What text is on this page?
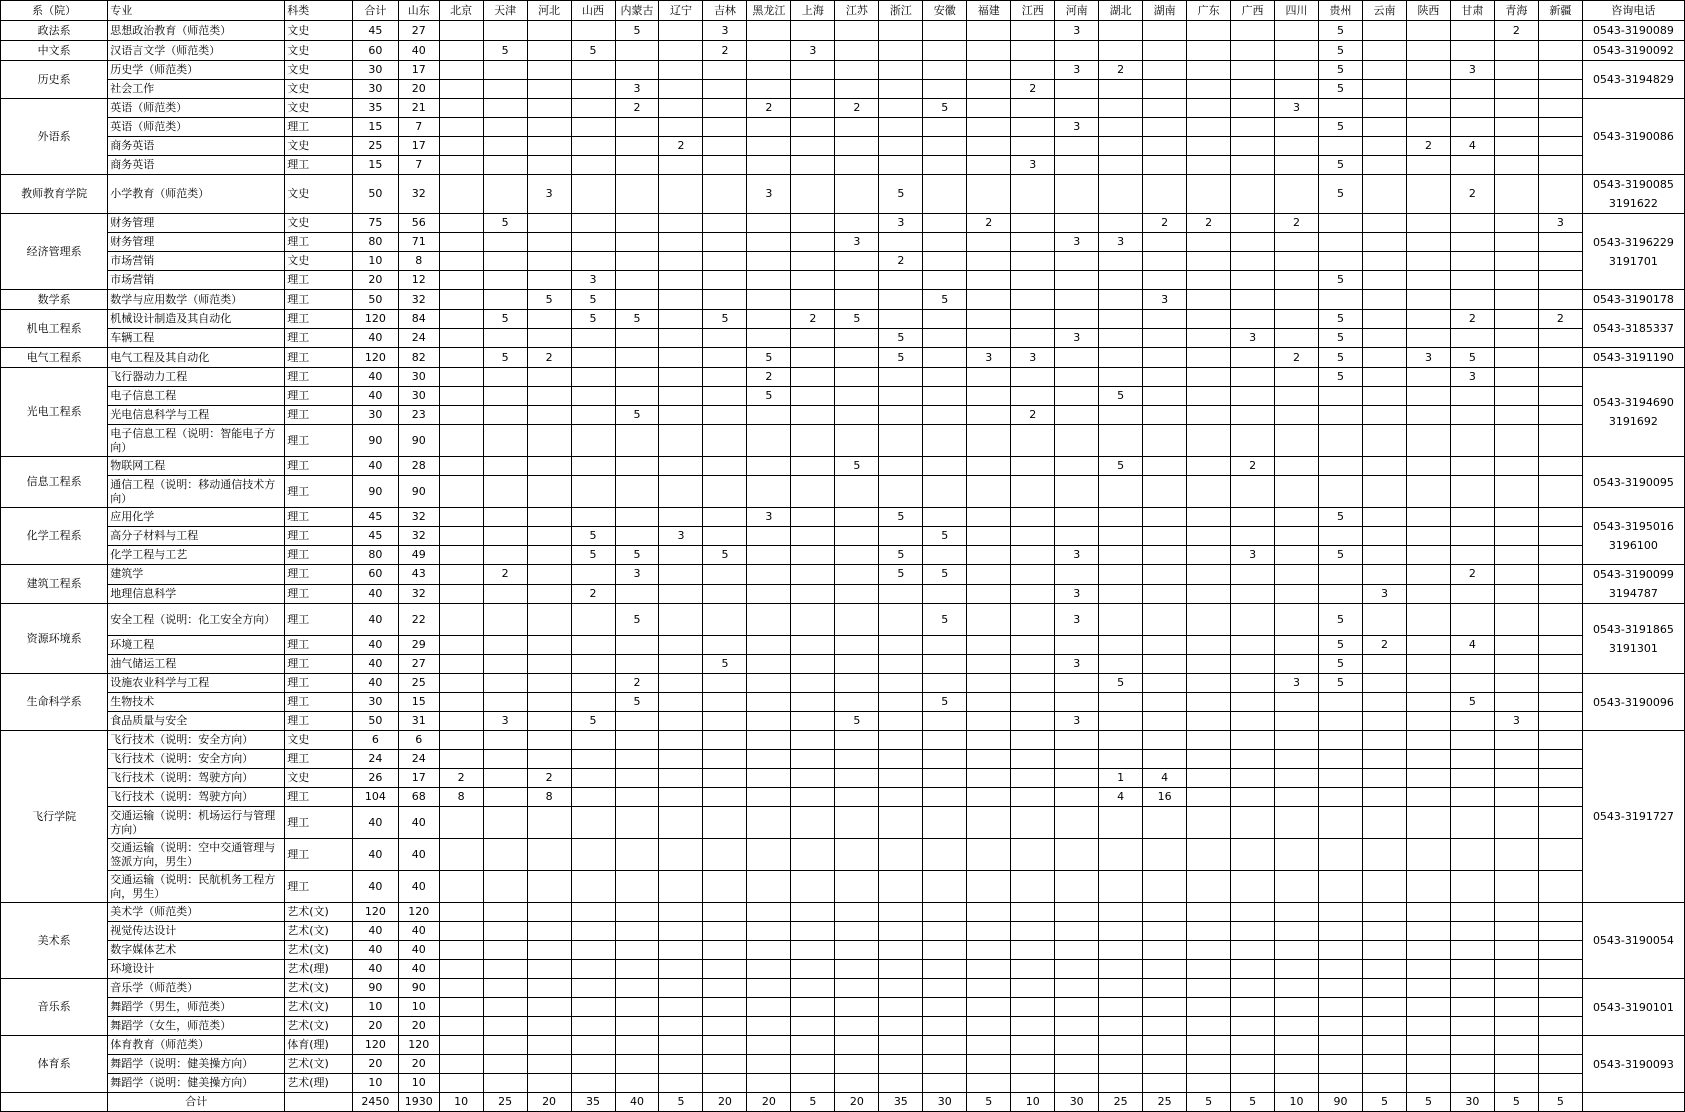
系（院）	专业	科类	合计	山东	北京	天津	河北	山西	内蒙古	辽宁	吉林	黑龙江	上海	江苏	浙江	安徽	福建	江西	河南	湖北	湖南	广东	广西	四川	贵州	云南	陕西	甘肃	青海	新疆	咨询电话
政法系	思想政治教育（师范类）	文史	45	27					5		3								3						5				2		0543-3190089
中文系	汉语言文学（师范类）	文史	60	40		5		5			2		3												5						0543-3190092
历史系	历史学（师范类）	文史	30	17															3	2					5			3			0543-3194829
	社会工作	文史	30	20					3									2							5						
外语系	英语（师范类）	文史	35	21					2			2		2		5								3							0543-3190086
	英语（师范类）	理工	15	7															3						5						
	商务英语	文史	25	17						2																	2	4			
	商务英语	理工	15	7														3							5						
教师教育学院	小学教育（师范类）	文史	50	32			3					3			5										5			2			0543-3190085 3191622
经济管理系	财务管理	文史	75	56		5									3		2				2	2		2						3	0543-3196229 3191701
	财务管理	理工	80	71										3					3	3											
	市场营销	文史	10	8											2																
	市场营销	理工	20	12				3																	5						
数学系	数学与应用数学（师范类）	理工	50	32			5	5								5					3										0543-3190178
机电工程系	机械设计制造及其自动化	理工	120	84		5		5	5		5		2	5											5			2		2	0543-3185337
	车辆工程	理工	40	24											5				3				3		5						
电气工程系	电气工程及其自动化	理工	120	82		5	2					5			5		3	3						2	5		3	5			0543-3191190
光电工程系	飞行器动力工程	理工	40	30								2													5			3			0543-3194690 3191692
	电子信息工程	理工	40	30								5								5											
	光电信息科学与工程	理工	30	23					5									2													
	电子信息工程（说明：智能电子方向）	理工	90	90																											
信息工程系	物联网工程	理工	40	28										5						5			2								0543-3190095
	通信工程（说明：移动通信技术方向）	理工	90	90																											
化学工程系	应用化学	理工	45	32								3			5										5						0543-3195016 3196100
	高分子材料与工程	理工	45	32				5		3						5															
	化学工程与工艺	理工	80	49				5	5		5				5				3				3		5						
建筑工程系	建筑学	理工	60	43		2			3						5	5												2			0543-3190099 3194787
	地理信息科学	理工	40	32				2											3							3					
资源环境系	安全工程（说明：化工安全方向）	理工	40	22					5							5			3						5						0543-3191865 3191301
	环境工程	理工	40	29																					5	2		4			
	油气储运工程	理工	40	27							5								3						5						
生命科学系	设施农业科学与工程	理工	40	25					2											5				3	5						0543-3190096
	生物技术	理工	30	15					5							5												5			
	食品质量与安全	理工	50	31		3		5						5					3										3		
飞行学院	飞行技术（说明：安全方向）	文史	6	6																											0543-3191727
	飞行技术（说明：安全方向）	理工	24	24																											
	飞行技术（说明：驾驶方向）	文史	26	17	2		2													1	4										
	飞行技术（说明：驾驶方向）	理工	104	68	8		8													4	16										
	交通运输（说明：机场运行与管理方向）	理工	40	40																											
	交通运输（说明：空中交通管理与签派方向，男生）	理工	40	40																											
	交通运输（说明：民航机务工程方向，男生）	理工	40	40																											
美术系	美术学（师范类）	艺术(文)	120	120																											0543-3190054
	视觉传达设计	艺术(文)	40	40																											
	数字媒体艺术	艺术(文)	40	40																											
	环境设计	艺术(理)	40	40																											
音乐系	音乐学（师范类）	艺术(文)	90	90																											0543-3190101
	舞蹈学（男生，师范类）	艺术(文)	10	10																											
	舞蹈学（女生，师范类）	艺术(文)	20	20																											
体育系	体育教育（师范类）	体育(理)	120	120																											0543-3190093
	舞蹈学（说明：健美操方向）	艺术(文)	20	20																											
	舞蹈学（说明：健美操方向）	艺术(理)	10	10																											
	合计		2450	1930	10	25	20	35	40	5	20	20	5	20	35	30	5	10	30	25	25	5	5	10	90	5	5	30	5	5	
